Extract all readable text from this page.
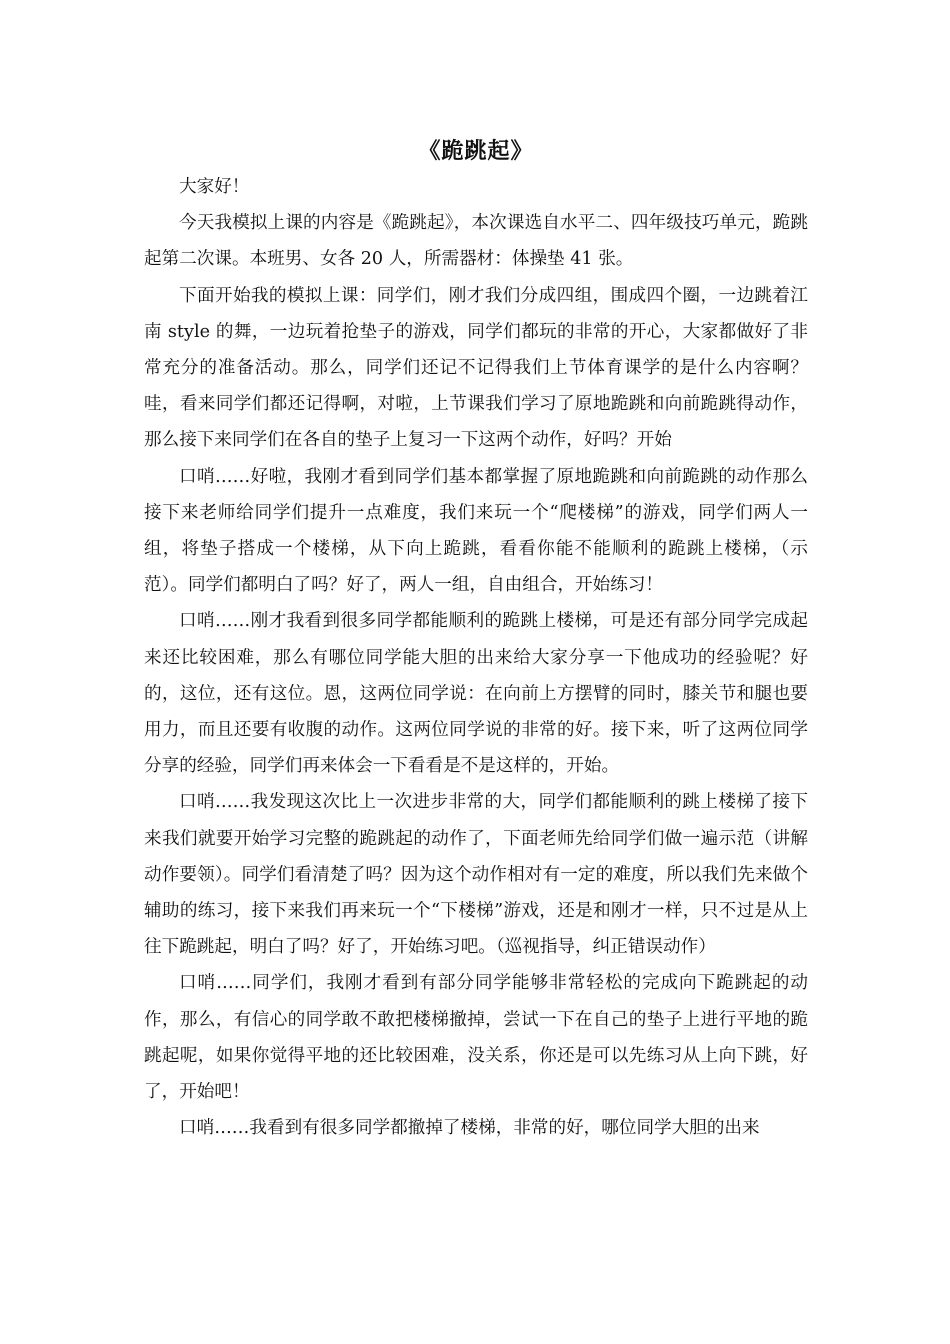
《跪跳起》

大家好！

今天我模拟上课的内容是《跪跳起》，本次课选自水平二、四年级技巧单元，跪跳起第二次课。本班男、女各 20 人，所需器材：体操垫 41 张。

下面开始我的模拟上课：同学们，刚才我们分成四组，围成四个圈，一边跳着江南 style 的舞，一边玩着抢垫子的游戏，同学们都玩的非常的开心，大家都做好了非常充分的准备活动。那么，同学们还记不记得我们上节体育课学的是什么内容啊？哇，看来同学们都还记得啊，对啦，上节课我们学习了原地跪跳和向前跪跳得动作，那么接下来同学们在各自的垫子上复习一下这两个动作，好吗？开始

口哨……好啦，我刚才看到同学们基本都掌握了原地跪跳和向前跪跳的动作那么接下来老师给同学们提升一点难度，我们来玩一个“爬楼梯”的游戏，同学们两人一组，将垫子搭成一个楼梯，从下向上跪跳，看看你能不能顺利的跪跳上楼梯，（示范）。同学们都明白了吗？好了，两人一组，自由组合，开始练习！

口哨……刚才我看到很多同学都能顺利的跪跳上楼梯，可是还有部分同学完成起来还比较困难，那么有哪位同学能大胆的出来给大家分享一下他成功的经验呢？好的，这位，还有这位。恩，这两位同学说：在向前上方摆臂的同时，膝关节和腿也要用力，而且还要有收腹的动作。这两位同学说的非常的好。接下来，听了这两位同学分享的经验，同学们再来体会一下看看是不是这样的，开始。

口哨……我发现这次比上一次进步非常的大，同学们都能顺利的跳上楼梯了接下来我们就要开始学习完整的跪跳起的动作了，下面老师先给同学们做一遍示范（讲解动作要领）。同学们看清楚了吗？因为这个动作相对有一定的难度，所以我们先来做个辅助的练习，接下来我们再来玩一个“下楼梯”游戏，还是和刚才一样，只不过是从上往下跪跳起，明白了吗？好了，开始练习吧。（巡视指导，纠正错误动作）

口哨……同学们，我刚才看到有部分同学能够非常轻松的完成向下跪跳起的动作，那么，有信心的同学敢不敢把楼梯撤掉，尝试一下在自己的垫子上进行平地的跪跳起呢，如果你觉得平地的还比较困难，没关系，你还是可以先练习从上向下跳，好了，开始吧！

口哨……我看到有很多同学都撤掉了楼梯，非常的好，哪位同学大胆的出来
